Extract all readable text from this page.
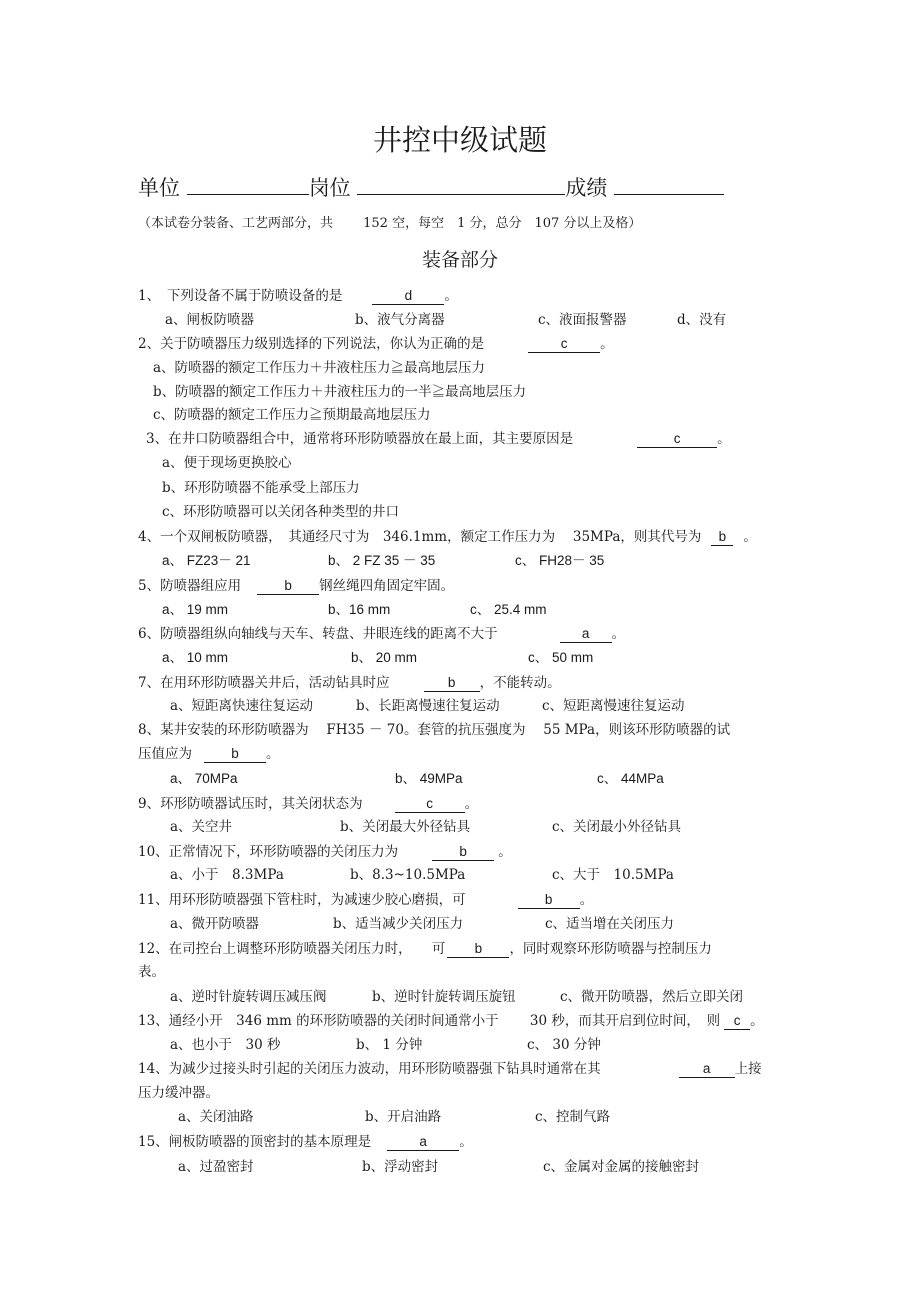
井控中级试题
单位	岗位	成绩
（本试卷分装备、工艺两部分，共　　 152 空，每空　1 分，总分　107 分以上及格）
装备部分
1、　下列设备不属于防喷设备的是	d 。
a、闸板防喷器	b、液气分离器	c、液面报警器	d、没有
2、关于防喷器压力级别选择的下列说法，你认为正确的是	c 。
a、防喷器的额定工作压力＋井液柱压力≧最高地层压力
b、防喷器的额定工作压力＋井液柱压力的一半≧最高地层压力
c、防喷器的额定工作压力≧预期最高地层压力
3、在井口防喷器组合中，通常将环形防喷器放在最上面，其主要原因是	c	。
a、便于现场更换胶心
b、环形防喷器不能承受上部压力
c、环形防喷器可以关闭各种类型的井口
4、一个双闸板防喷器，　其通经尺寸为　346.1mm，额定工作压力为　 35MPa，则其代号为 b 。
a、 FZ23－ 21	b、 2 FZ 35 － 35	c、 FH28－ 35
5、防喷器组应用	b 钢丝绳四角固定牢固。
a、 19 mm	b、16 mm	c、 25.4 mm
6、防喷器组纵向轴线与天车、转盘、井眼连线的距离不大于	a 。
a、 10 mm	b、 20 mm	c、 50 mm
7、在用环形防喷器关井后，活动钻具时应	b ，不能转动。
a、短距离快速往复运动	b、长距离慢速往复运动	c、短距离慢速往复运动
8、某井安装的环形防喷器为　 FH35 － 70。套管的抗压强度为　 55 MPa，则该环形防喷器的试
压值应为	b 。
a、 70MPa	b、 49MPa	c、 44MPa
9、环形防喷器试压时，其关闭状态为	c 。
a、关空井	b、关闭最大外径钻具	c、关闭最小外径钻具
10、正常情况下，环形防喷器的关闭压力为	b 。
a、小于　8.3MPa	b、8.3~10.5MPa	c、大于　10.5MPa
11、用环形防喷器强下管柱时，为减速少胶心磨损，可	b 。
a、微开防喷器	b、适当减少关闭压力	c、适当增在关闭压力
12、在司控台上调整环形防喷器关闭压力时，　　可 b ，同时观察环形防喷器与控制压力
表。
a、逆时针旋转调压减压阀	b、逆时针旋转调压旋钮	c、微开防喷器，然后立即关闭
13、通经小开　346 mm 的环形防喷器的关闭时间通常小于　　 30 秒，而其开启到位时间，　则 c 。
a、也小于　30 秒	b、 1 分钟	c、 30 分钟
14、为减少过接头时引起的关闭压力波动，用环形防喷器强下钻具时通常在其	a 上接
压力缓冲器。
a、关闭油路	b、开启油路	c、控制气路
15、闸板防喷器的顶密封的基本原理是	a 。
a、过盈密封	b、浮动密封	c、金属对金属的接触密封
